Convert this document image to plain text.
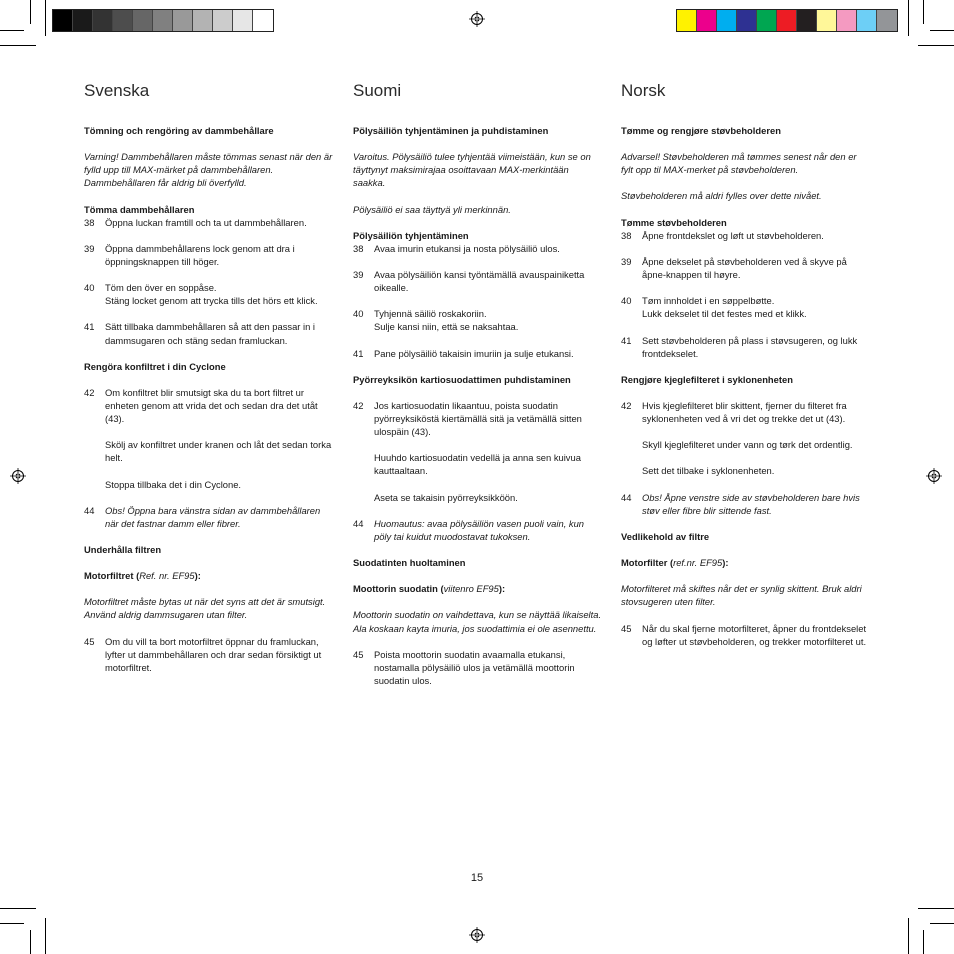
Svenska

Tömning och rengöring av dammbehållare

Varning! Dammbehållaren måste tömmas senast när den är fylld upp till MAX-märket på dammbehållaren. Dammbehållaren får aldrig bli överfylld.

Tömma dammbehållaren

38	Öppna luckan framtill och ta ut dammbehållaren.
39	Öppna dammbehållarens lock genom att dra i öppningsknappen till höger.
40	Töm den över en soppåse.
Stäng locket genom att trycka tills det hörs ett klick.
41	Sätt tillbaka dammbehållaren så att den passar in i dammsugaren och stäng sedan framluckan.

Rengöra konfiltret i din Cyclone

42	Om konfiltret blir smutsigt ska du ta bort filtret ur enheten genom att vrida det och sedan dra det utåt (43).
Skölj av konfiltret under kranen och låt det sedan torka helt.
Stoppa tillbaka det i din Cyclone.
44	Obs! Öppna bara vänstra sidan av dammbehållaren när det fastnar damm eller fibrer.

Underhålla filtren

Motorfiltret (Ref. nr. EF95):

Motorfiltret måste bytas ut när det syns att det är smutsigt. Använd aldrig dammsugaren utan filter.

45	Om du vill ta bort motorfiltret öppnar du framluckan, lyfter ut dammbehållaren och drar sedan försiktigt ut motorfiltret.
Suomi

Pölysäiliön tyhjentäminen ja puhdistaminen

Varoitus. Pölysäiliö tulee tyhjentää viimeistään, kun se on täyttynyt maksimirajaa osoittavaan MAX-merkintään saakka.

Pölysäiliö ei saa täyttyä yli merkinnän.

Pölysäiliön tyhjentäminen

38	Avaa imurin etukansi ja nosta pölysäiliö ulos.
39	Avaa pölysäiliön kansi työntämällä avauspainiketta oikealle.
40	Tyhjennä säiliö roskakoriin.
Sulje kansi niin, että se naksahtaa.
41	Pane pölysäiliö takaisin imuriin ja sulje etukansi.

Pyörreyksikön kartiosuodattimen puhdistaminen

42	Jos kartiosuodatin likaantuu, poista suodatin pyörreyksiköstä kiertämällä sitä ja vetämällä sitten ulospäin (43).
Huuhdo kartiosuodatin vedellä ja anna sen kuivua kauttaaltaan.
Aseta se takaisin pyörreyksikköön.
44	Huomautus: avaa pölysäiliön vasen puoli vain, kun pöly tai kuidut muodostavat tukoksen.

Suodatinten huoltaminen

Moottorin suodatin (viitenro EF95):

Moottorin suodatin on vaihdettava, kun se näyttää likaiselta. Ala koskaan kayta imuria, jos suodattimia ei ole asennettu.

45	Poista moottorin suodatin avaamalla etukansi, nostamalla pölysäiliö ulos ja vetämällä moottorin suodatin ulos.
Norsk

Tømme og rengjøre støvbeholderen

Advarsel! Støvbeholderen må tømmes senest når den er fylt opp til MAX-merket på støvbeholderen.

Støvbeholderen må aldri fylles over dette nivået.

Tømme støvbeholderen

38	Åpne frontdekslet og løft ut støvbeholderen.
39	Åpne dekselet på støvbeholderen ved å skyve på åpne-knappen til høyre.
40	Tøm innholdet i en søppelbøtte.
Lukk dekselet til det festes med et klikk.
41	Sett støvbeholderen på plass i støvsugeren, og lukk frontdekselet.

Rengjøre kjeglefilteret i syklonenheten

42	Hvis kjeglefilteret blir skittent, fjerner du filteret fra syklonenheten ved å vri det og trekke det ut (43).
Skyll kjeglefilteret under vann og tørk det ordentlig.
Sett det tilbake i syklonenheten.
44	Obs! Åpne venstre side av støvbeholderen bare hvis støv eller fibre blir sittende fast.

Vedlikehold av filtre

Motorfilter (ref.nr. EF95):

Motorfilteret må skiftes når det er synlig skittent. Bruk aldri stovsugeren uten filter.

45	Når du skal fjerne motorfilteret, åpner du frontdekselet og løfter ut støvbeholderen, og trekker motorfilteret ut.
15
